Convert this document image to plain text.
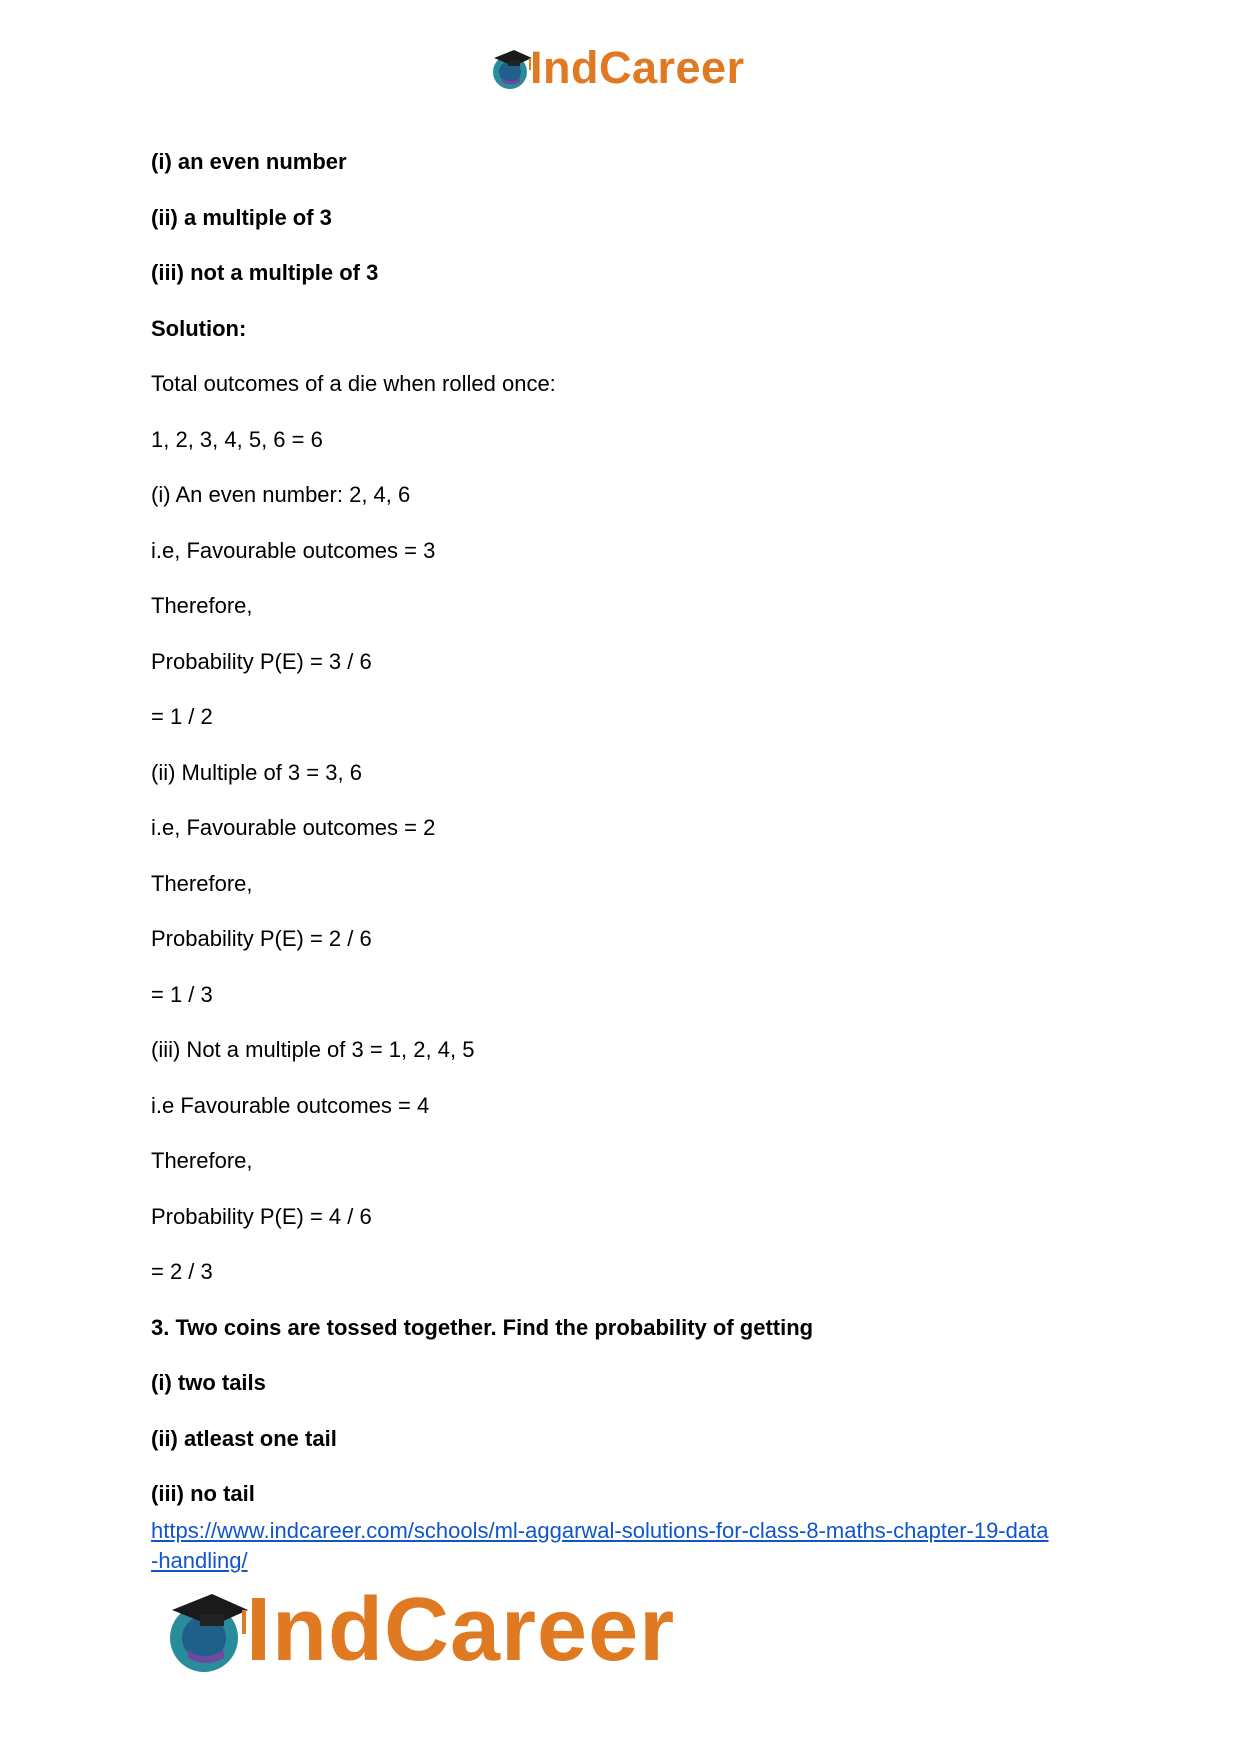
IndCareer
(i) an even number
(ii) a multiple of 3
(iii) not a multiple of 3
Solution:
Total outcomes of a die when rolled once:
1, 2, 3, 4, 5, 6 = 6
(i) An even number: 2, 4, 6
i.e, Favourable outcomes = 3
Therefore,
Probability P(E) = 3 / 6
= 1 / 2
(ii) Multiple of 3 = 3, 6
i.e, Favourable outcomes = 2
Therefore,
Probability P(E) = 2 / 6
= 1 / 3
(iii) Not a multiple of 3 = 1, 2, 4, 5
i.e Favourable outcomes = 4
Therefore,
Probability P(E) = 4 / 6
= 2 / 3
3. Two coins are tossed together. Find the probability of getting
(i) two tails
(ii) atleast one tail
(iii) no tail
https://www.indcareer.com/schools/ml-aggarwal-solutions-for-class-8-maths-chapter-19-data
-handling/
IndCareer
